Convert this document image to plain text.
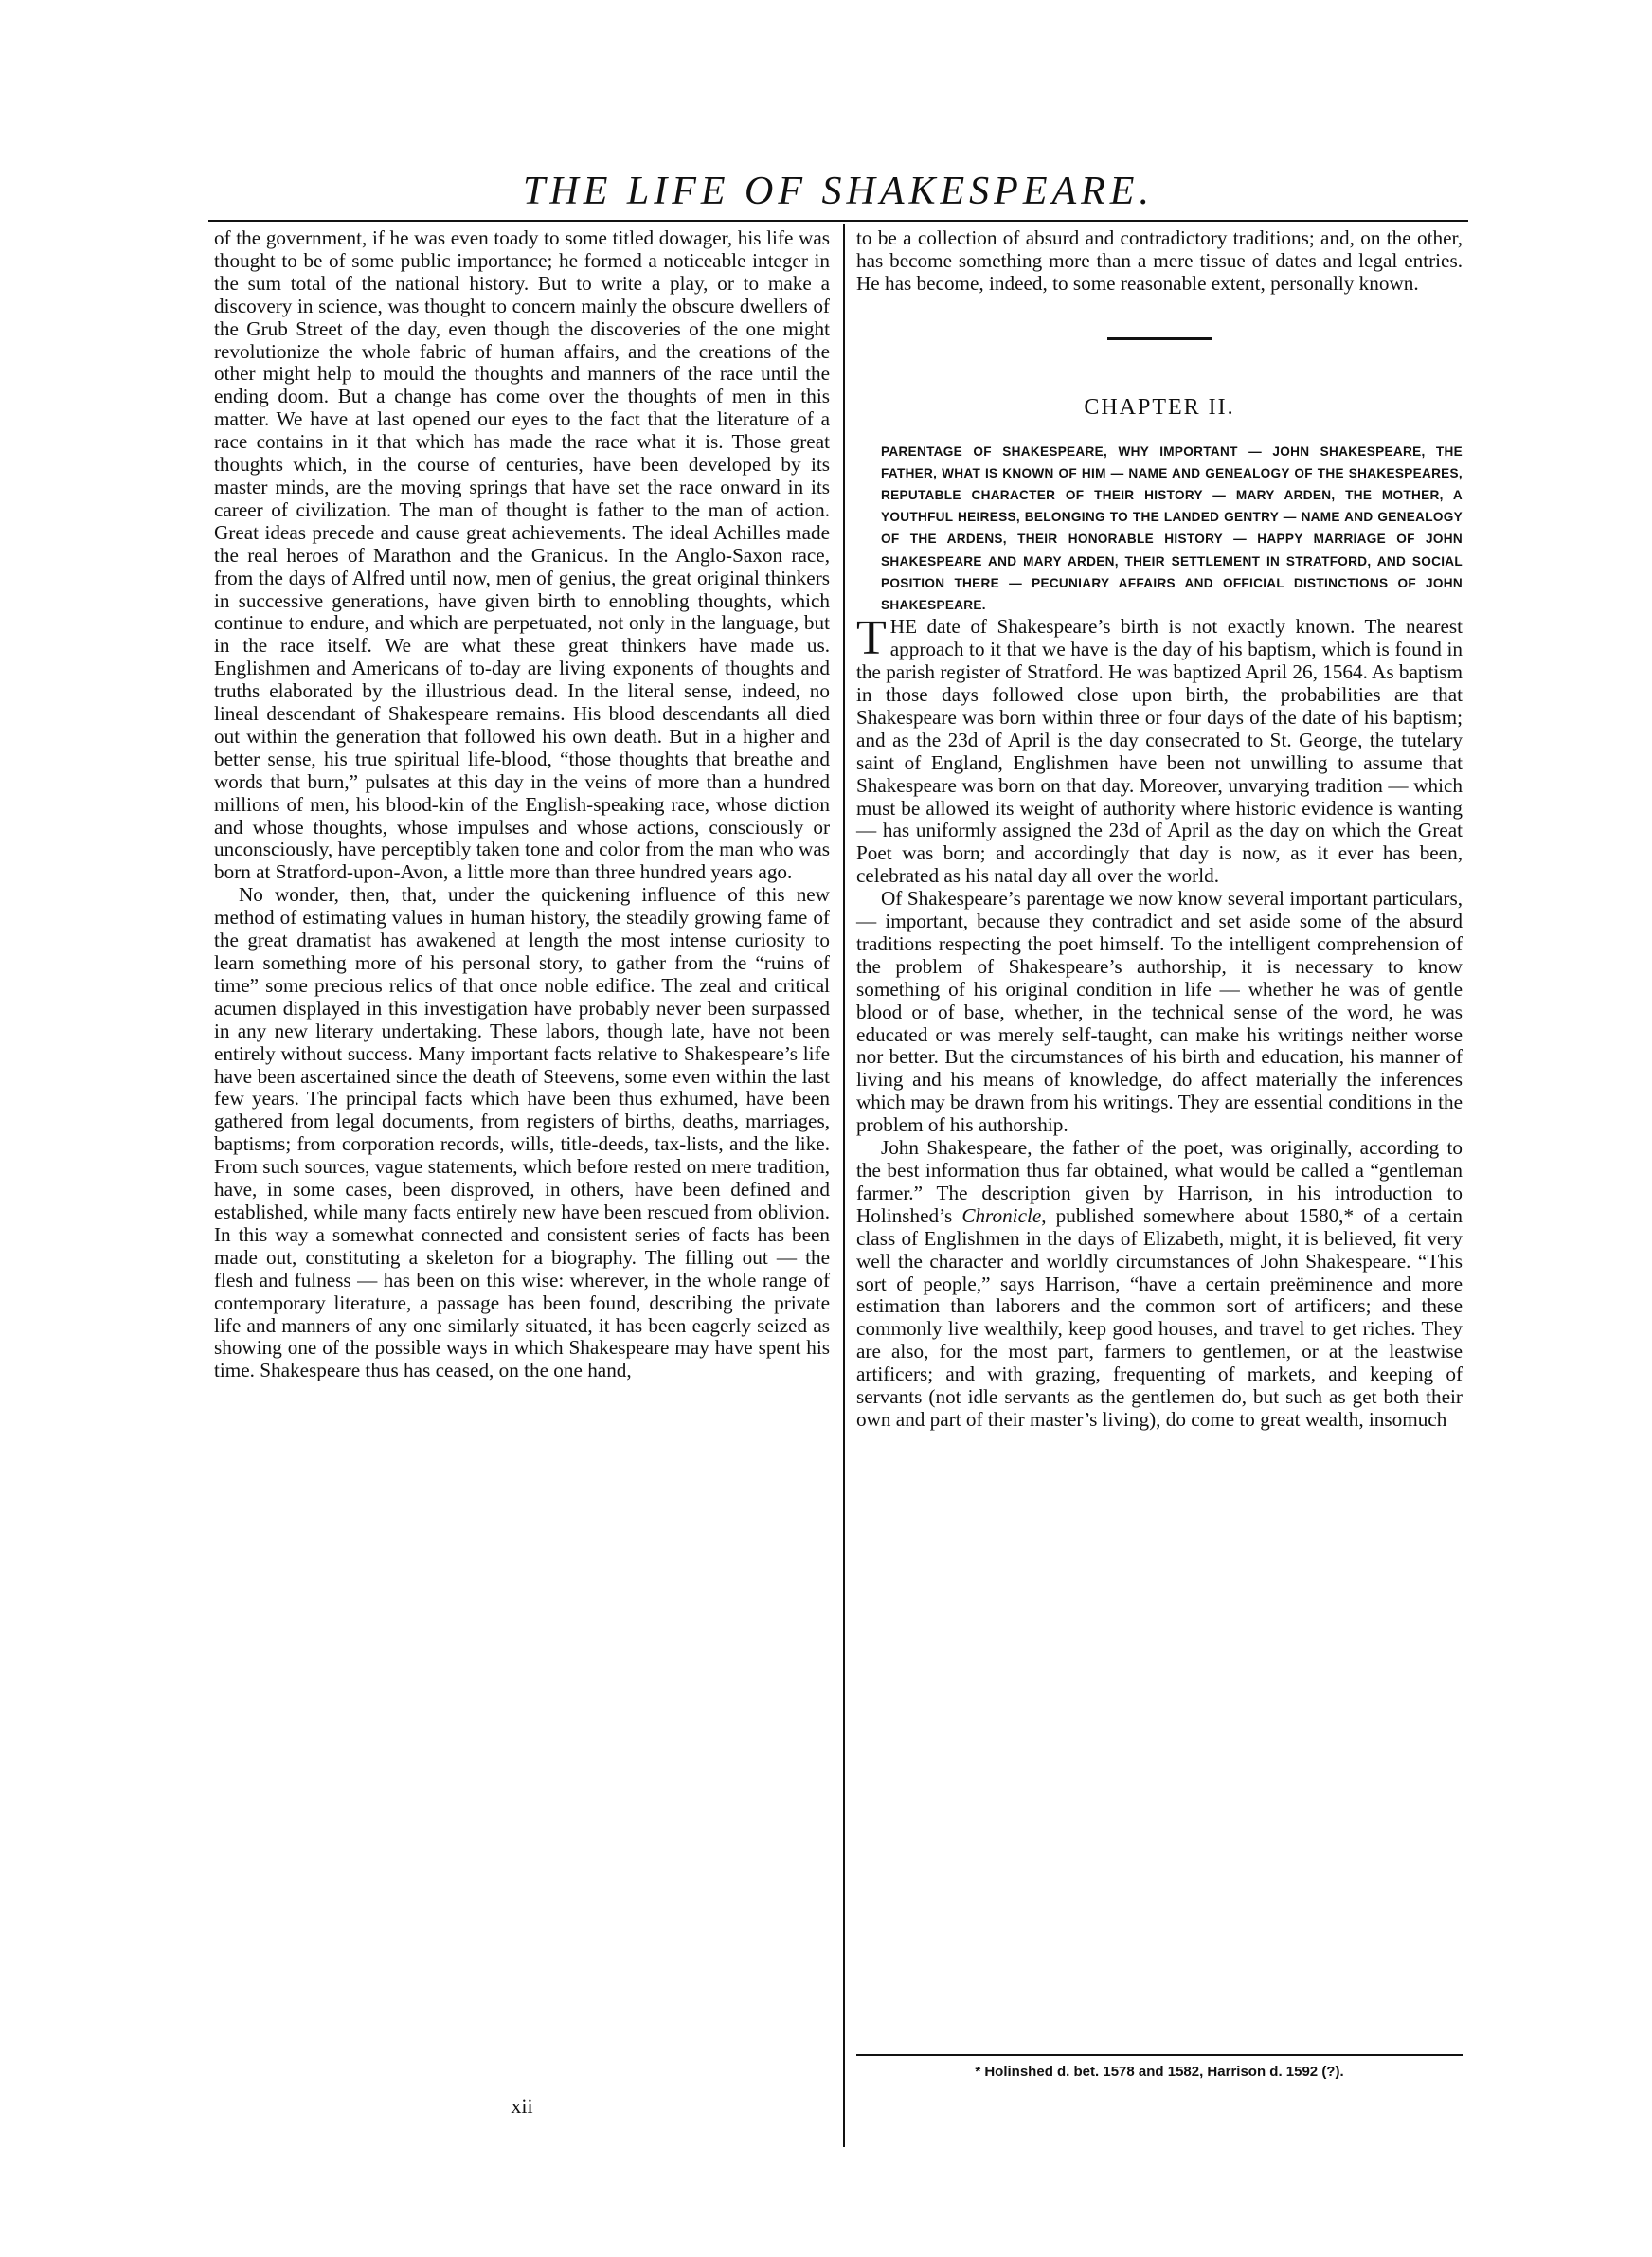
THE LIFE OF SHAKESPEARE.

of the government, if he was even toady to some titled dowager, his life was thought to be of some public importance; he formed a noticeable integer in the sum total of the national history. But to write a play, or to make a discovery in science, was thought to concern mainly the obscure dwellers of the Grub Street of the day, even though the discoveries of the one might revolutionize the whole fabric of human affairs, and the creations of the other might help to mould the thoughts and manners of the race until the ending doom. But a change has come over the thoughts of men in this matter. We have at last opened our eyes to the fact that the literature of a race contains in it that which has made the race what it is. Those great thoughts which, in the course of centuries, have been developed by its master minds, are the moving springs that have set the race onward in its career of civilization. The man of thought is father to the man of action. Great ideas precede and cause great achievements. The ideal Achilles made the real heroes of Marathon and the Granicus. In the Anglo-Saxon race, from the days of Alfred until now, men of genius, the great original thinkers in successive generations, have given birth to ennobling thoughts, which continue to endure, and which are perpetuated, not only in the language, but in the race itself. We are what these great thinkers have made us. Englishmen and Americans of to-day are living exponents of thoughts and truths elaborated by the illustrious dead. In the literal sense, indeed, no lineal descendant of Shakespeare remains. His blood descendants all died out within the generation that followed his own death. But in a higher and better sense, his true spiritual life-blood, “those thoughts that breathe and words that burn,” pulsates at this day in the veins of more than a hundred millions of men, his blood-kin of the English-speaking race, whose diction and whose thoughts, whose impulses and whose actions, consciously or unconsciously, have perceptibly taken tone and color from the man who was born at Stratford-upon-Avon, a little more than three hundred years ago.

No wonder, then, that, under the quickening influence of this new method of estimating values in human history, the steadily growing fame of the great dramatist has awakened at length the most intense curiosity to learn something more of his personal story, to gather from the “ruins of time” some precious relics of that once noble edifice. The zeal and critical acumen displayed in this investigation have probably never been surpassed in any new literary undertaking. These labors, though late, have not been entirely without success. Many important facts relative to Shakespeare’s life have been ascertained since the death of Steevens, some even within the last few years. The principal facts which have been thus exhumed, have been gathered from legal documents, from registers of births, deaths, marriages, baptisms; from corporation records, wills, title-deeds, tax-lists, and the like. From such sources, vague statements, which before rested on mere tradition, have, in some cases, been disproved, in others, have been defined and established, while many facts entirely new have been rescued from oblivion. In this way a somewhat connected and consistent series of facts has been made out, constituting a skeleton for a biography. The filling out — the flesh and fulness — has been on this wise: wherever, in the whole range of contemporary literature, a passage has been found, describing the private life and manners of any one similarly situated, it has been eagerly seized as showing one of the possible ways in which Shakespeare may have spent his time. Shakespeare thus has ceased, on the one hand,

to be a collection of absurd and contradictory traditions; and, on the other, has become something more than a mere tissue of dates and legal entries. He has become, indeed, to some reasonable extent, personally known.

CHAPTER II.

PARENTAGE OF SHAKESPEARE, WHY IMPORTANT — JOHN SHAKESPEARE, THE FATHER, WHAT IS KNOWN OF HIM — NAME AND GENEALOGY OF THE SHAKESPEARES, REPUTABLE CHARACTER OF THEIR HISTORY — MARY ARDEN, THE MOTHER, A YOUTHFUL HEIRESS, BELONGING TO THE LANDED GENTRY — NAME AND GENEALOGY OF THE ARDENS, THEIR HONORABLE HISTORY — HAPPY MARRIAGE OF JOHN SHAKESPEARE AND MARY ARDEN, THEIR SETTLEMENT IN STRATFORD, AND SOCIAL POSITION THERE — PECUNIARY AFFAIRS AND OFFICIAL DISTINCTIONS OF JOHN SHAKESPEARE.

THE date of Shakespeare’s birth is not exactly known. The nearest approach to it that we have is the day of his baptism, which is found in the parish register of Stratford. He was baptized April 26, 1564. As baptism in those days followed close upon birth, the probabilities are that Shakespeare was born within three or four days of the date of his baptism; and as the 23d of April is the day consecrated to St. George, the tutelary saint of England, Englishmen have been not unwilling to assume that Shakespeare was born on that day. Moreover, unvarying tradition — which must be allowed its weight of authority where historic evidence is wanting — has uniformly assigned the 23d of April as the day on which the Great Poet was born; and accordingly that day is now, as it ever has been, celebrated as his natal day all over the world.

Of Shakespeare’s parentage we now know several important particulars, — important, because they contradict and set aside some of the absurd traditions respecting the poet himself. To the intelligent comprehension of the problem of Shakespeare’s authorship, it is necessary to know something of his original condition in life — whether he was of gentle blood or of base, whether, in the technical sense of the word, he was educated or was merely self-taught, can make his writings neither worse nor better. But the circumstances of his birth and education, his manner of living and his means of knowledge, do affect materially the inferences which may be drawn from his writings. They are essential conditions in the problem of his authorship.

John Shakespeare, the father of the poet, was originally, according to the best information thus far obtained, what would be called a “gentleman farmer.” The description given by Harrison, in his introduction to Holinshed’s Chronicle, published somewhere about 1580,* of a certain class of Englishmen in the days of Elizabeth, might, it is believed, fit very well the character and worldly circumstances of John Shakespeare. “This sort of people,” says Harrison, “have a certain preëminence and more estimation than laborers and the common sort of artificers; and these commonly live wealthily, keep good houses, and travel to get riches. They are also, for the most part, farmers to gentlemen, or at the leastwise artificers; and with grazing, frequenting of markets, and keeping of servants (not idle servants as the gentlemen do, but such as get both their own and part of their master’s living), do come to great wealth, insomuch

* Holinshed d. bet. 1578 and 1582, Harrison d. 1592 (?).
xii
